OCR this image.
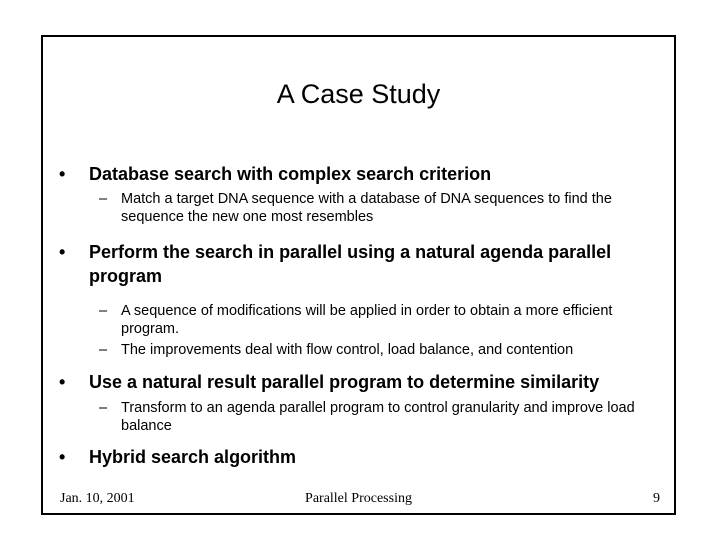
A Case Study
•	Database search with complex search criterion
– Match a target DNA sequence with a database of DNA sequences to find the sequence the new one most resembles
•	Perform the search in parallel using a natural agenda parallel program
– A sequence of modifications will be applied in order to obtain a more efficient program.
– The improvements deal with flow control, load balance, and contention
•	Use a natural result parallel program to determine similarity
– Transform to an agenda parallel program to control granularity and improve load balance
•	Hybrid search algorithm
Jan. 10, 2001	Parallel Processing	9
